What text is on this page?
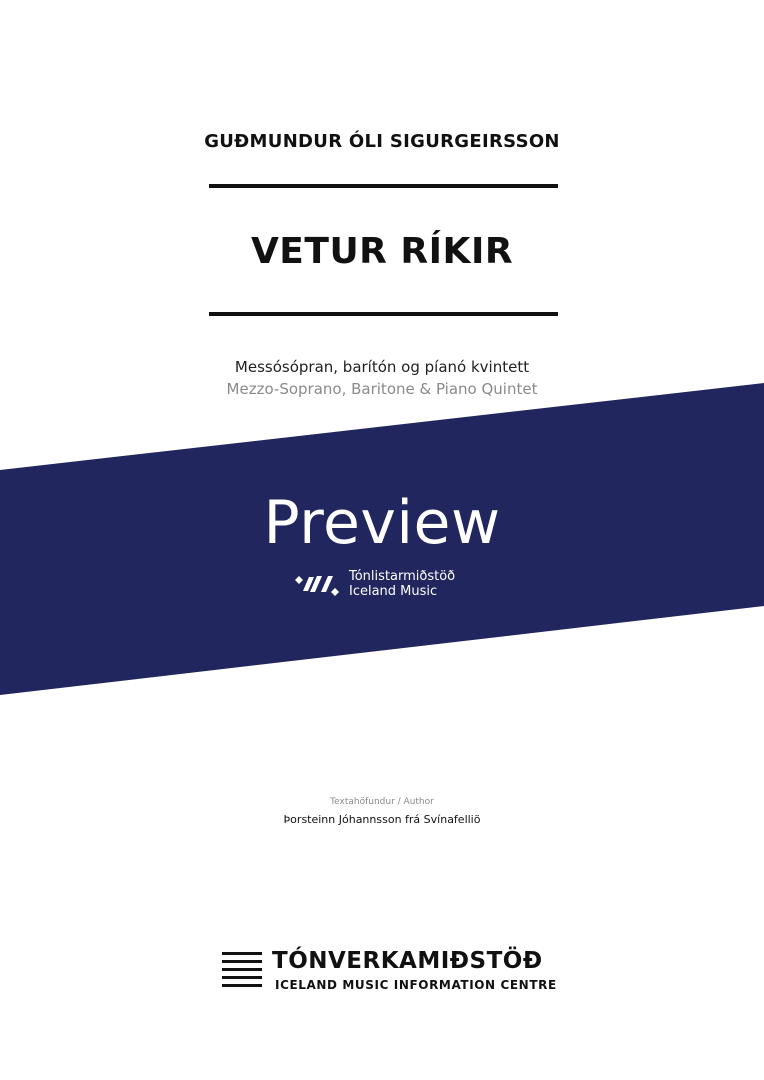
GUÐMUNDUR ÓLI SIGURGEIRSSON
VETUR RÍKIR
Messósópran, barítón og píanó kvintett
Mezzo-Soprano, Baritone & Piano Quintet
Preview
Tónlistarmiðstöð
Iceland Music
Textahöfundur / Author
Þorsteinn Jóhannsson frá Svínafelliö
TÓNVERKAMIÐSTÖÐ
ICELAND MUSIC INFORMATION CENTRE
